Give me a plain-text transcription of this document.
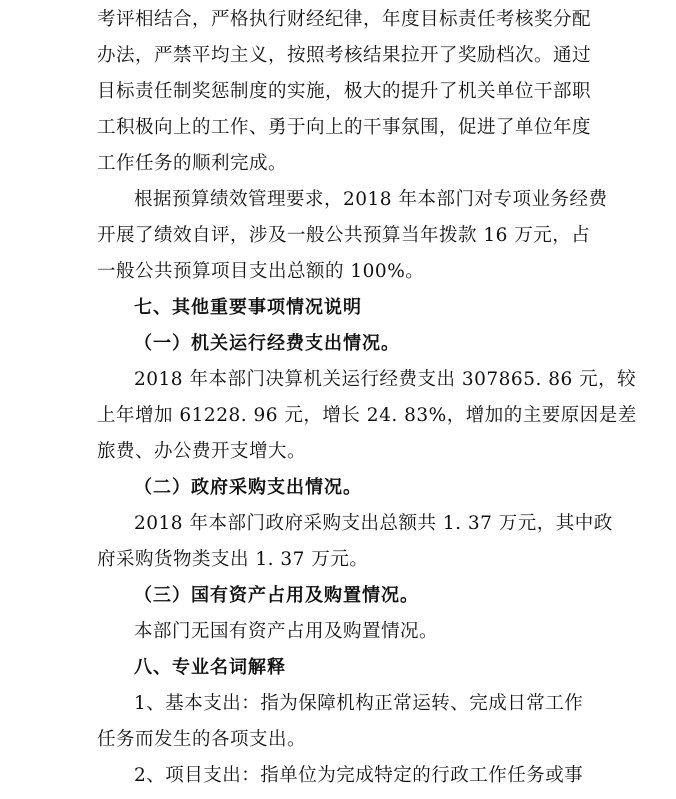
考评相结合，严格执行财经纪律，年度目标责任考核奖分配
办法，严禁平均主义，按照考核结果拉开了奖励档次。通过
目标责任制奖惩制度的实施，极大的提升了机关单位干部职
工积极向上的工作、勇于向上的干事氛围，促进了单位年度
工作任务的顺利完成。
根据预算绩效管理要求，2018 年本部门对专项业务经费
开展了绩效自评，涉及一般公共预算当年拨款 16 万元，占
一般公共预算项目支出总额的 100%。
七、其他重要事项情况说明
（一）机关运行经费支出情况。
2018 年本部门决算机关运行经费支出 307865. 86 元，较
上年增加 61228. 96 元，增长 24. 83%，增加的主要原因是差
旅费、办公费开支增大。
（二）政府采购支出情况。
2018 年本部门政府采购支出总额共 1. 37 万元，其中政
府采购货物类支出 1. 37 万元。
（三）国有资产占用及购置情况。
本部门无国有资产占用及购置情况。
八、专业名词解释
1、基本支出：指为保障机构正常运转、完成日常工作
任务而发生的各项支出。
2、项目支出：指单位为完成特定的行政工作任务或事
